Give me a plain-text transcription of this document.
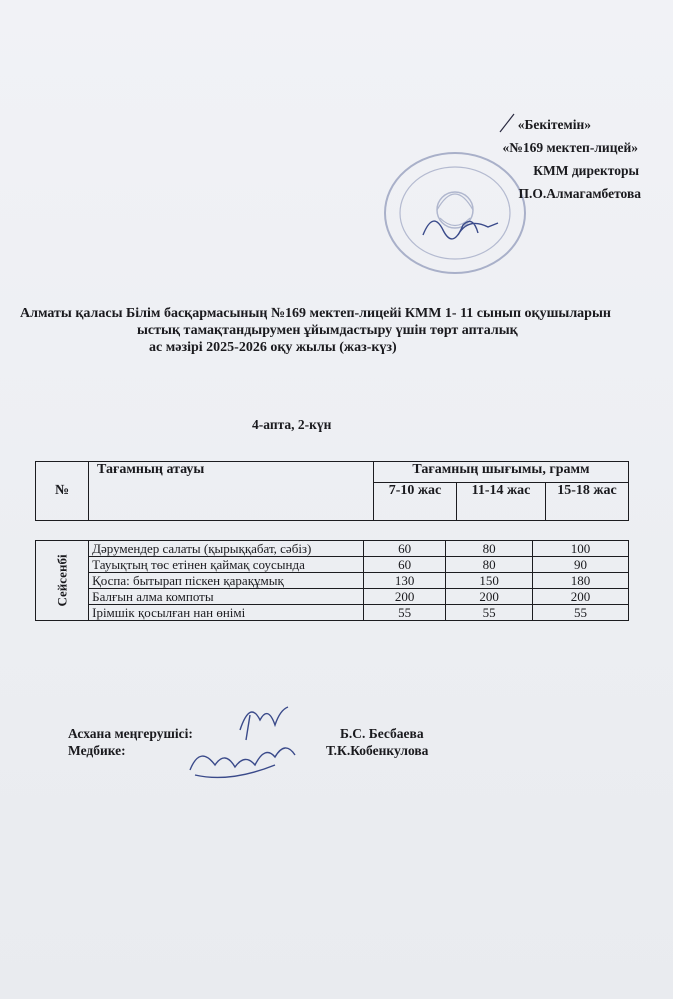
«Бекітемін»
«№169 мектеп-лицей»
КММ директоры
П.О.Алмагамбетова
Алматы қаласы Білім басқармасының №169 мектеп-лицейі КММ 1- 11 сынып оқушыларын
ыстық тамақтандырумен ұйымдастыру үшін төрт апталық
ас мәзірі 2025-2026 оқу жылы (жаз-күз)
4-апта, 2-күн
№	Тағамның атауы	Тағамның шығымы, грамм		
		7-10 жас	11-14 жас	15-18 жас
Сейсенбі	Дәрумендер салаты (қырыққабат, сәбіз)	60	80	100
	Тауықтың төс етінен қаймақ соусында	60	80	90
	Қоспа: бытырап піскен қарақұмық	130	150	180
	Балғын алма компоты	200	200	200
	Ірімшік қосылған нан өнімі	55	55	55
Асхана меңгерушісі:
Медбике:
Б.С. Бесбаева
Т.К.Кобенкулова
